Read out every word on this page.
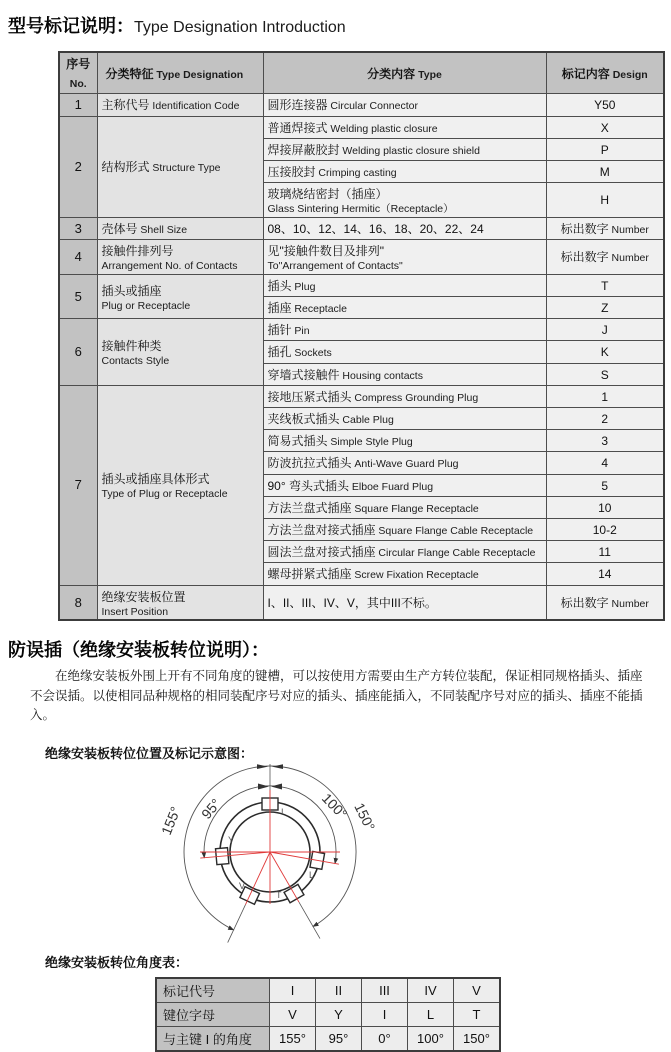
型号标记说明：Type Designation Introduction
序号 No.	分类特征 Type Designation	分类内容 Type	标记内容 Design
1	主称代号 Identification Code	圆形连接器 Circular Connector	Y50
2	结构形式 Structure Type	普通焊接式 Welding plastic closure	X
		焊接屏蔽胶封 Welding plastic closure shield	P
		压接胶封 Crimping casting	M
		玻璃烧结密封（插座）
Glass Sintering Hermitic（Receptacle）	H
3	壳体号 Shell Size	08、10、12、14、16、18、20、22、24	标出数字 Number
4	接触件排列号
Arrangement No. of Contacts	见"接触件数目及排列"
To"Arrangement of Contacts"	标出数字 Number
5	插头或插座
Plug or Receptacle	插头 Plug	T
		插座 Receptacle	Z
6	接触件种类
Contacts Style	插针 Pin	J
		插孔 Sockets	K
		穿墙式接触件 Housing contacts	S
7	插头或插座具体形式
Type of Plug or Receptacle	接地压紧式插头 Compress Grounding Plug	1
		夹线板式插头 Cable Plug	2
		简易式插头 Simple Style Plug	3
		防波抗拉式插头 Anti-Wave Guard Plug	4
		90° 弯头式插头 Elboe Fuard Plug	5
		方法兰盘式插座 Square Flange Receptacle	10
		方法兰盘对接式插座 Square Flange Cable Receptacle	10-2
		圆法兰盘对接式插座 Circular Flange Cable Receptacle	11
		螺母拼紧式插座 Screw Fixation Receptacle	14
8	绝缘安装板位置
Insert Position	I、II、III、IV、V，其中III不标。	标出数字 Number
防误插（绝缘安装板转位说明）：
在绝缘安装板外围上开有不同角度的键槽，可以按使用方需要由生产方转位装配，保证相同规格插头、插座不会误插。以使相同品种规格的相同装配序号对应的插头、插座能插入，不同装配序号对应的插头、插座不能插入。
绝缘安装板转位位置及标记示意图：
155° 95°	100° 150°
I
Y
L
V
T
绝缘安装板转位角度表：
标记代号	I	II	III	IV	V
键位字母	V	Y	I	L	T
与主键 I 的角度	155°	95°	0°	100°	150°
